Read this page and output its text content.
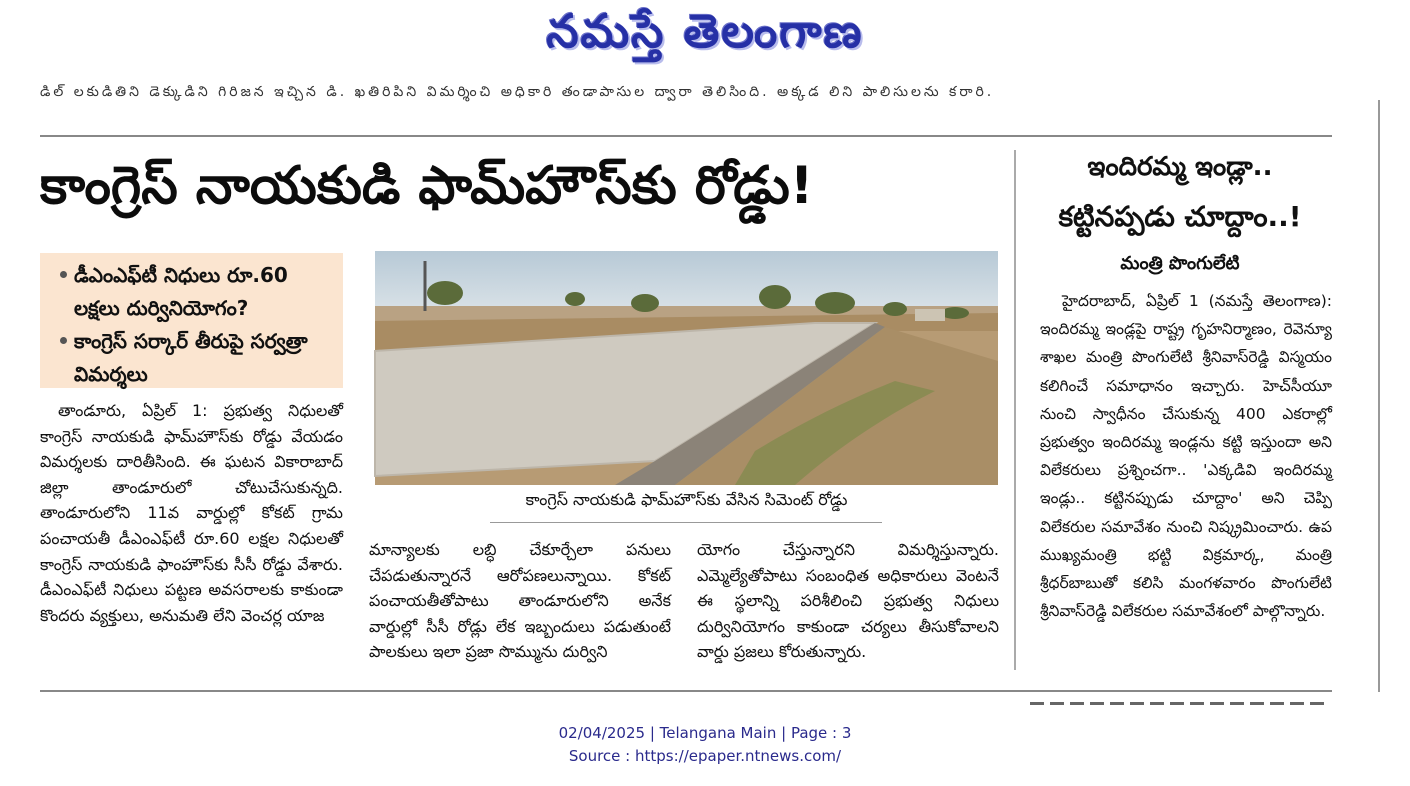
నమస్తే తెలంగాణ
డిల్ లకుడితిని డెక్కుడిని గిరిజన ఇచ్చిన డి. ఖతిరిపిని విమర్శించి అధికారి తండాపాసుల ద్వారా తెలిసింది. అక్కడ లిని పాలిసులను కరారి.
కాంగ్రెస్ నాయకుడి ఫామ్‌హౌస్‌కు రోడ్డు!
డీఎంఎఫ్‌టీ నిధులు రూ.60 లక్షలు దుర్వినియోగం?
కాంగ్రెస్ సర్కార్ తీరుపై సర్వత్రా విమర్శలు
కాంగ్రెస్ నాయకుడి ఫామ్‌హౌస్‌కు వేసిన సిమెంట్ రోడ్డు
తాండూరు, ఏప్రిల్ 1: ప్రభుత్వ నిధులతో కాంగ్రెస్ నాయకుడి ఫామ్‌హౌస్‌కు రోడ్డు వేయడం విమర్శలకు దారితీసింది. ఈ ఘటన వికారాబాద్ జిల్లా తాండూరులో చోటుచేసుకున్నది. తాండూరులోని 11వ వార్డుల్లో కోకట్ గ్రామ పంచాయతీ డీఎంఎఫ్‌టీ రూ.60 లక్షల నిధులతో కాంగ్రెస్ నాయకుడి ఫాంహౌస్‌కు సీసీ రోడ్డు వేశారు. డీఎంఎఫ్‌టీ నిధులు పట్టణ అవసరాలకు కాకుండా కొందరు వ్యక్తులు, అనుమతి లేని వెంచర్ల యాజ
మాన్యాలకు లబ్ధి చేకూర్చేలా పనులు చేపడుతున్నారనే ఆరోపణలున్నాయి. కోకట్ పంచాయతీతోపాటు తాండూరులోని అనేక వార్డుల్లో సీసీ రోడ్లు లేక ఇబ్బందులు పడుతుంటే పాలకులు ఇలా ప్రజా సొమ్మును దుర్విని
యోగం చేస్తున్నారని విమర్శిస్తున్నారు. ఎమ్మెల్యేతోపాటు సంబంధిత అధికారులు వెంటనే ఈ స్థలాన్ని పరిశీలించి ప్రభుత్వ నిధులు దుర్వినియోగం కాకుండా చర్యలు తీసుకోవాలని వార్డు ప్రజలు కోరుతున్నారు.
ఇందిరమ్మ ఇండ్లా..
కట్టినప్పడు చూద్దాం..!
మంత్రి పొంగులేటి
హైదరాబాద్, ఏప్రిల్ 1 (నమస్తే తెలంగాణ): ఇందిరమ్మ ఇండ్లపై రాష్ట్ర గృహనిర్మాణం, రెవెన్యూ శాఖల మంత్రి పొంగులేటి శ్రీనివాస్‌రెడ్డి విస్మయం కలిగించే సమాధానం ఇచ్చారు. హెచ్‌సీయూ నుంచి స్వాధీనం చేసుకున్న 400 ఎకరాల్లో ప్రభుత్వం ఇందిరమ్మ ఇండ్లను కట్టి ఇస్తుందా అని విలేకరులు ప్రశ్నించగా.. 'ఎక్కడివి ఇందిరమ్మ ఇండ్లు.. కట్టినప్పుడు చూద్దాం' అని చెప్పి విలేకరుల సమావేశం నుంచి నిష్క్రమించారు. ఉప ముఖ్యమంత్రి భట్టి విక్రమార్క, మంత్రి శ్రీధర్‌బాబుతో కలిసి మంగళవారం పొంగులేటి శ్రీనివాస్‌రెడ్డి విలేకరుల సమావేశంలో పాల్గొన్నారు.
02/04/2025 | Telangana Main | Page : 3
Source : https://epaper.ntnews.com/
